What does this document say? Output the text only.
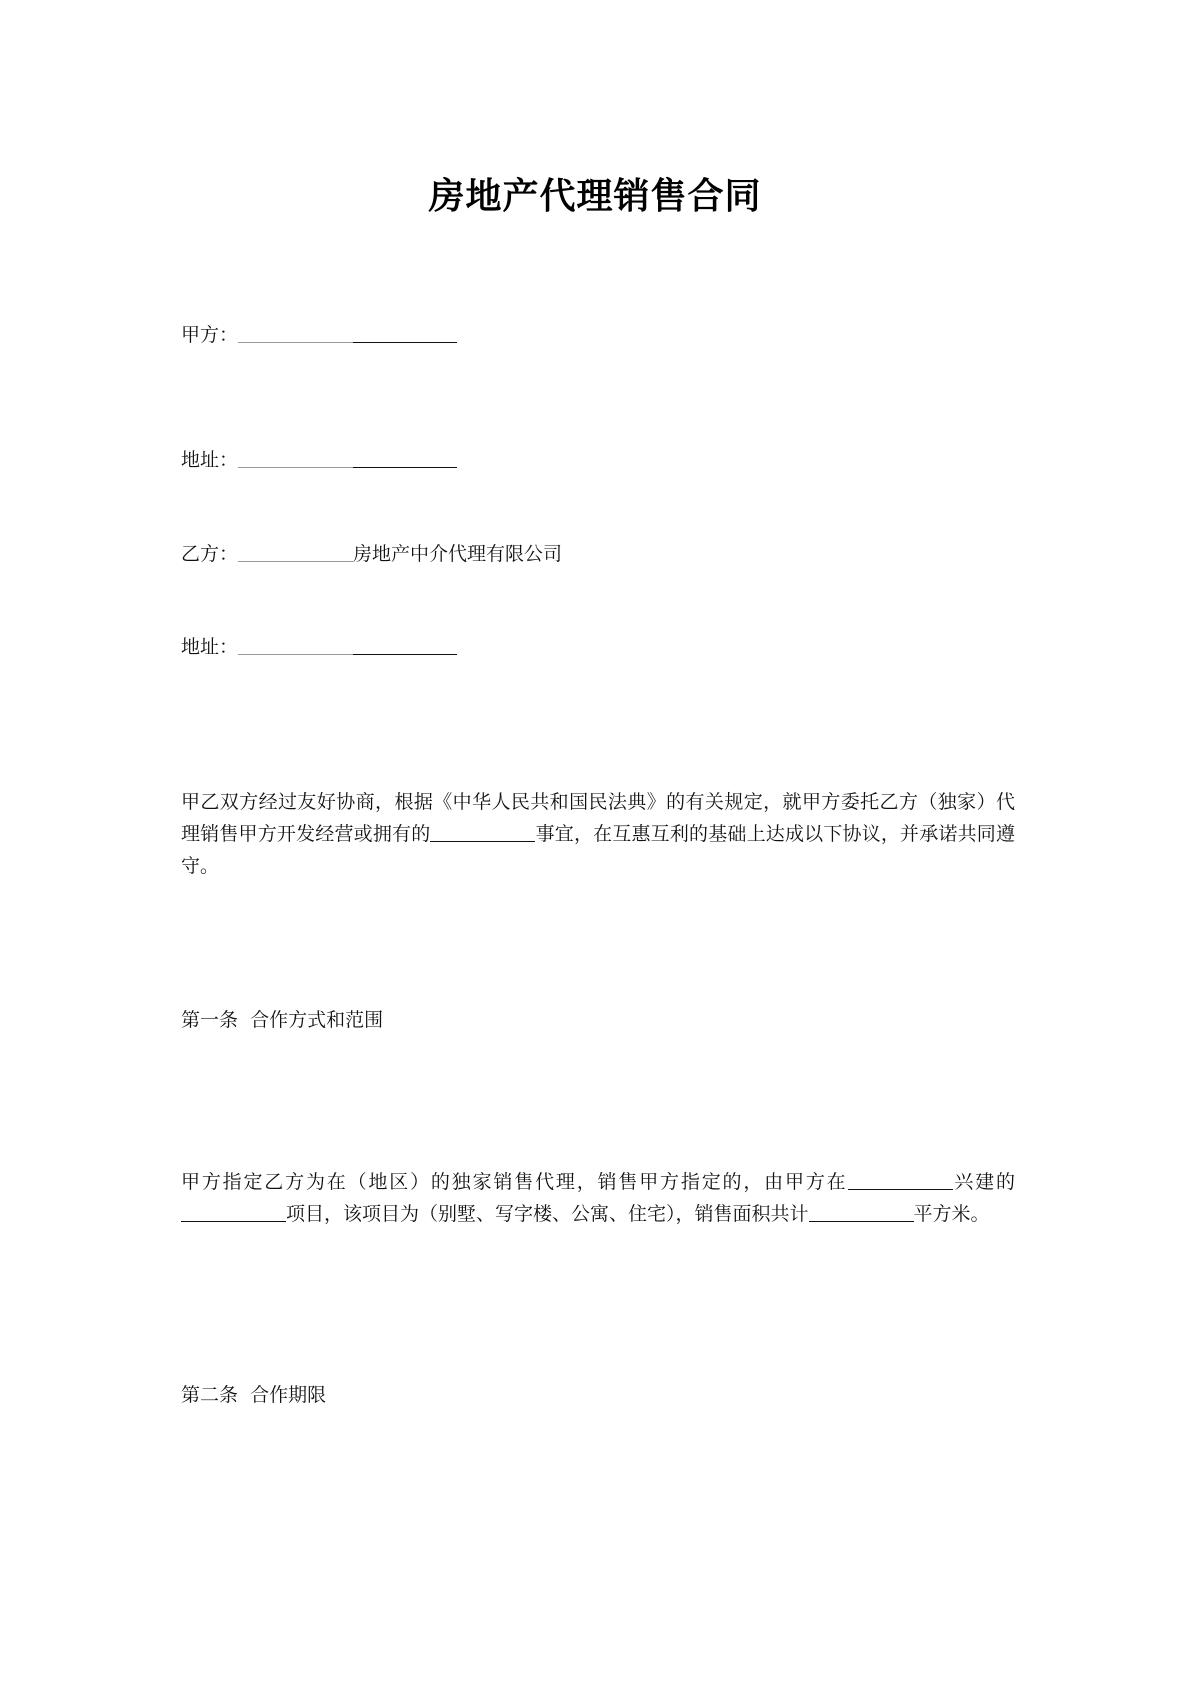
房地产代理销售合同
甲方：
地址：
乙方：	房地产中介代理有限公司
地址：

甲乙双方经过友好协商，根据《中华人民共和国民法典》的有关规定，就甲方委托乙方（独家）代理销售甲方开发经营或拥有的	事宜，在互惠互利的基础上达成以下协议，并承诺共同遵守。

第一条  合作方式和范围

甲方指定乙方为在（地区）的独家销售代理，销售甲方指定的，由甲方在	兴建的项目，该项目为（别墅、写字楼、公寓、住宅），销售面积共计	平方米。

第二条  合作期限
